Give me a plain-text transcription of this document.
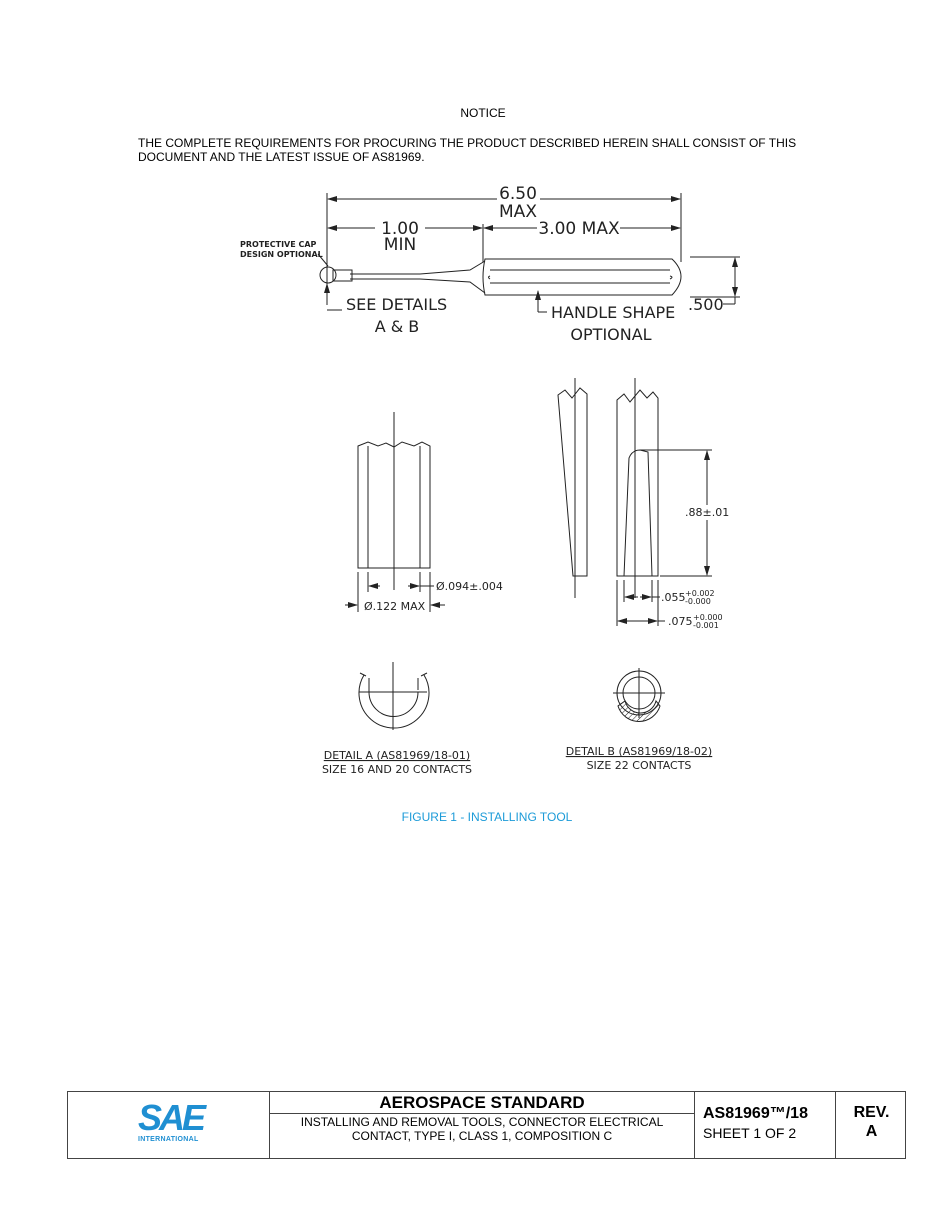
NOTICE
THE COMPLETE REQUIREMENTS FOR PROCURING THE PRODUCT DESCRIBED HEREIN SHALL CONSIST OF THIS DOCUMENT AND THE LATEST ISSUE OF AS81969.
6.50
MAX
1.00
MIN
3.00 MAX
PROTECTIVE CAP
DESIGN OPTIONAL
SEE DETAILS
A & B
HANDLE SHAPE
OPTIONAL
.500
Ø.094±.004
Ø.122 MAX
.88±.01
.055 +0.002
-0.000
.075 +0.000
-0.001
DETAIL A (AS81969/18-01)
SIZE 16 AND 20 CONTACTS
DETAIL B (AS81969/18-02)
SIZE 22 CONTACTS
FIGURE 1 - INSTALLING TOOL
SAE
INTERNATIONAL
AEROSPACE STANDARD
INSTALLING AND REMOVAL TOOLS, CONNECTOR ELECTRICAL CONTACT, TYPE I, CLASS 1, COMPOSITION C
AS81969™/18
SHEET 1 OF 2
REV.
A
